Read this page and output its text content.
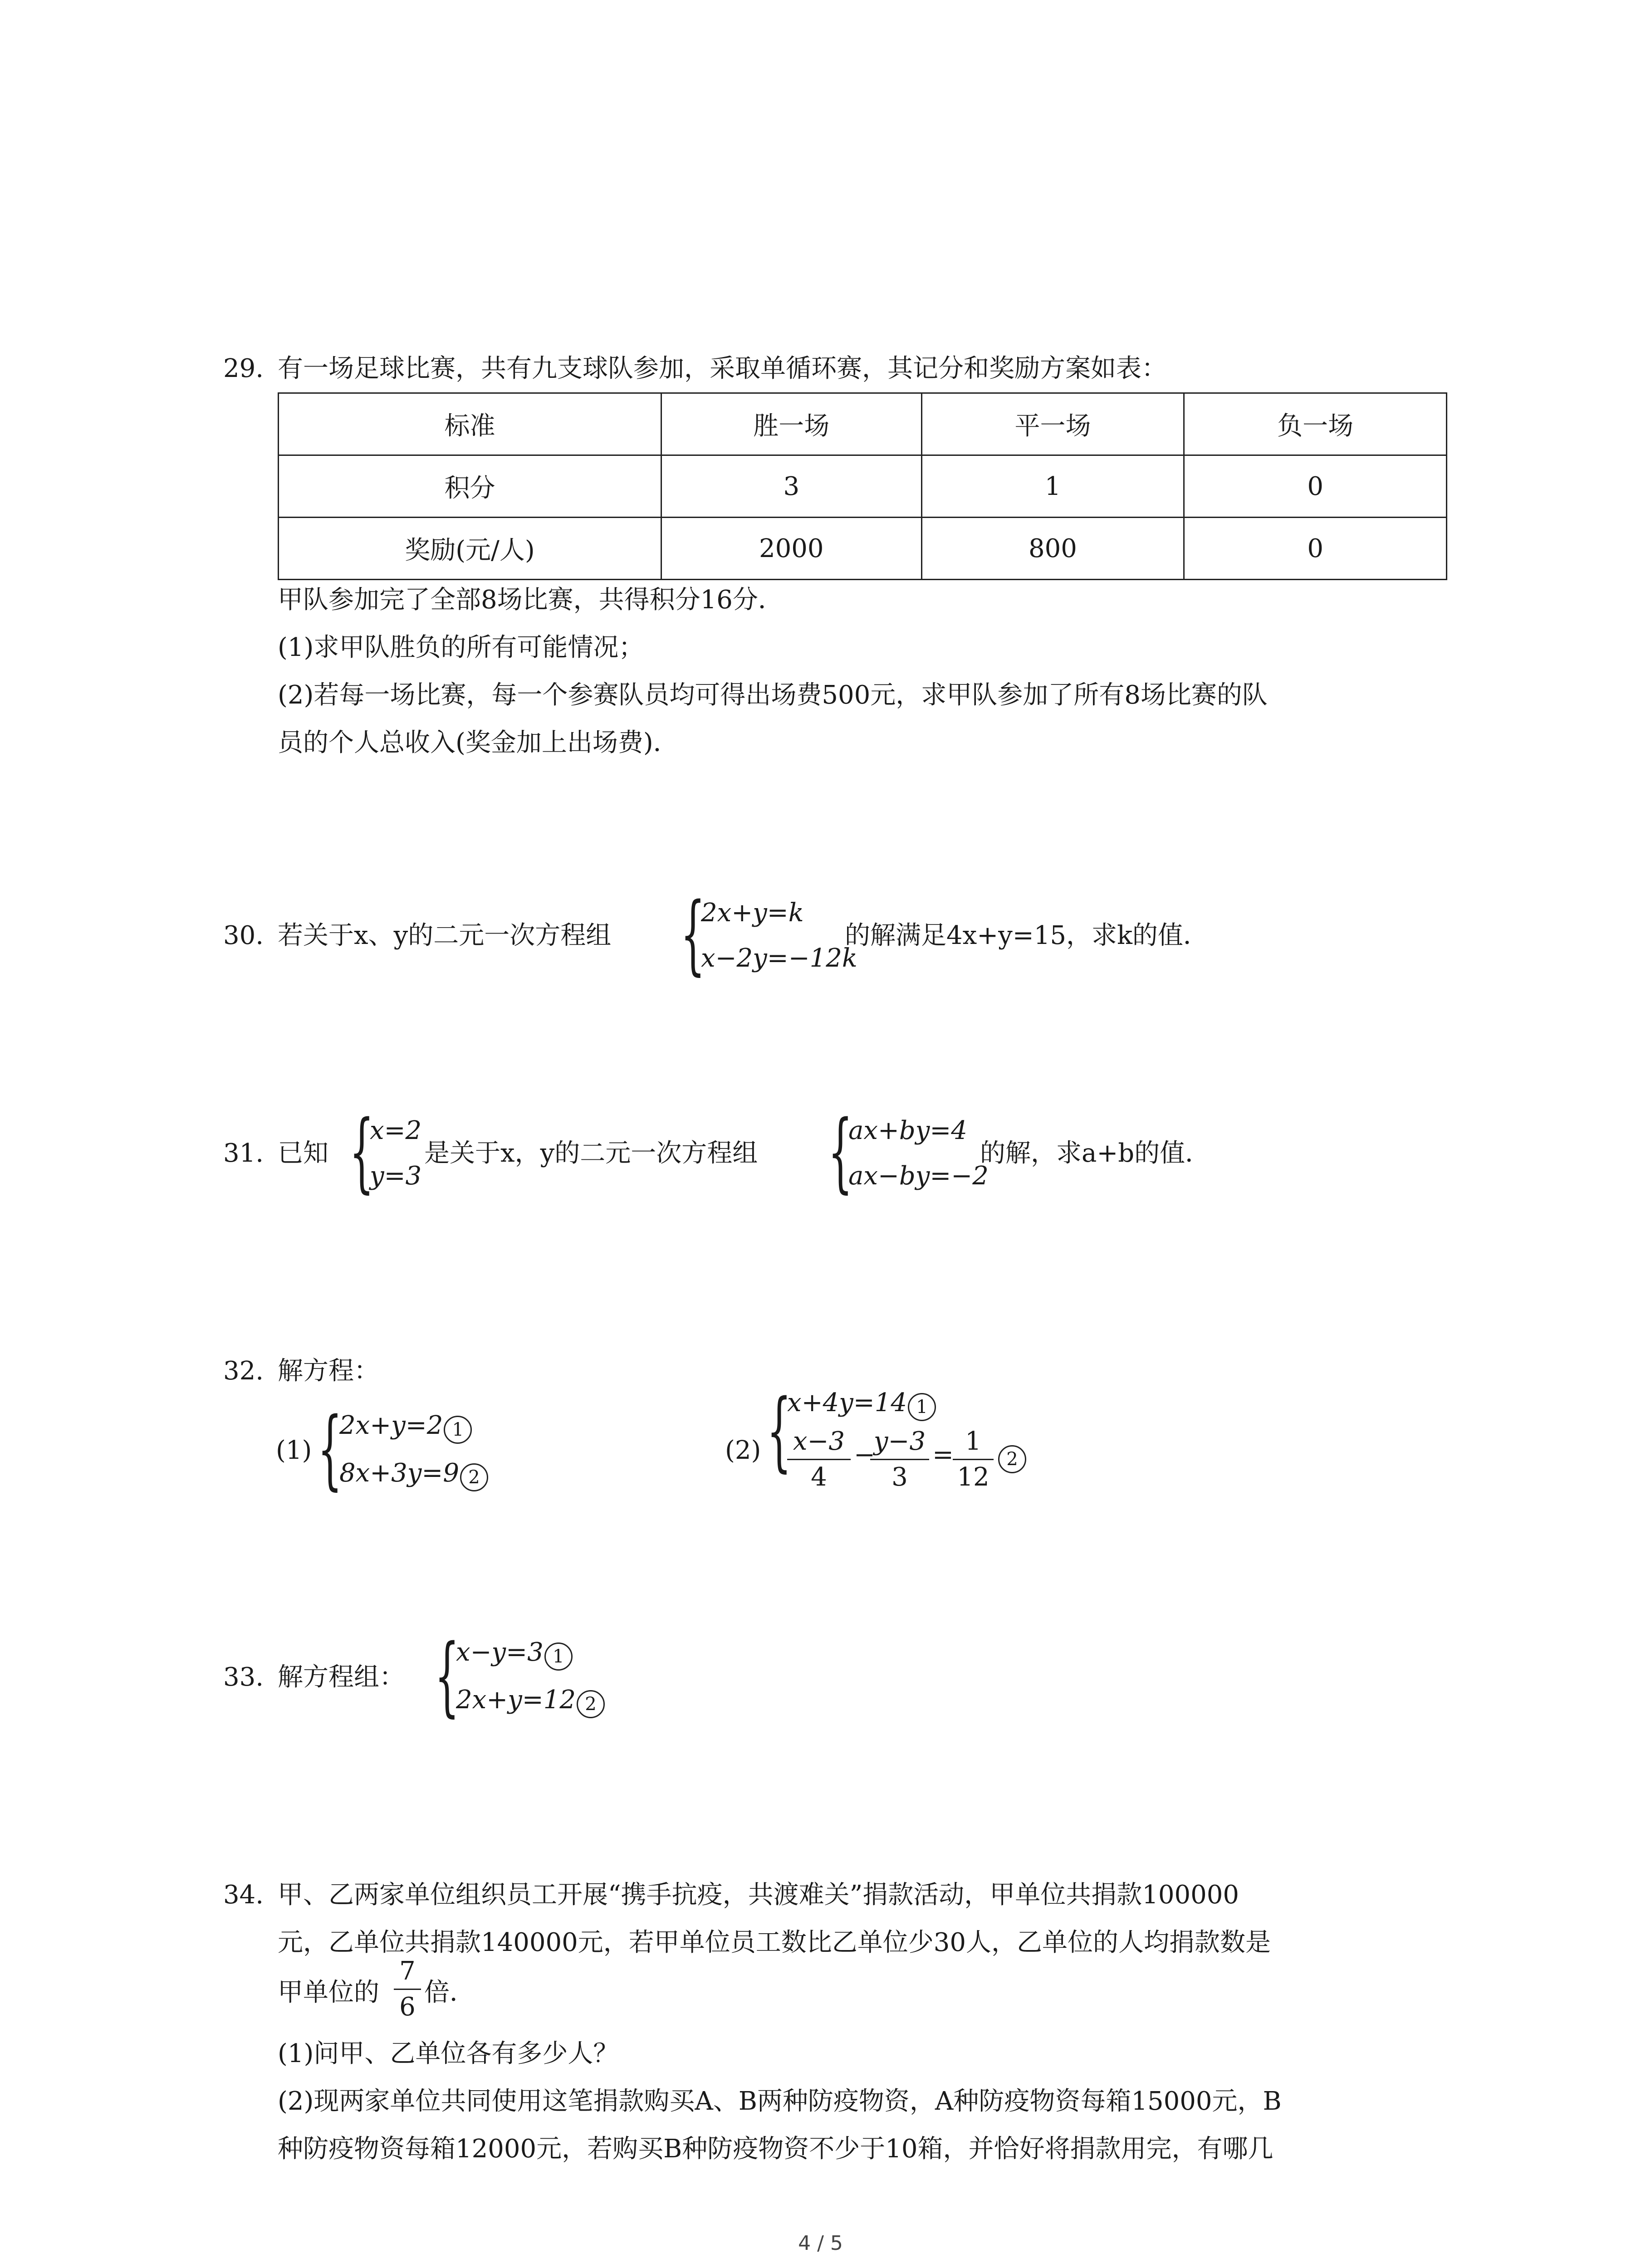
29. 有一场足球比赛，共有九支球队参加，采取单循环赛，其记分和奖励方案如表：
标准	胜一场	平一场	负一场
积分	3	1	0
奖励(元/人)	2000	800	0
甲队参加完了全部8场比赛，共得积分16分．
(1)求甲队胜负的所有可能情况；
(2)若每一场比赛，每一个参赛队员均可得出场费500元，求甲队参加了所有8场比赛的队
员的个人总收入(奖金加上出场费)．
30. 若关于x、y的二元一次方程组 {
2x+y=k
x−2y=−12k
的解满足4x+y=15，求k的值．
31. 已知 {
x=2
y=3
是关于x，y的二元一次方程组 {
ax+by=4
ax−by=−2
的解，求a+b的值．
32. 解方程：
(1) {
2x+y=2 1
8x+3y=9 2
(2) {
x+4y=14 1
x−3
4
−
y−3
3
= 1
12
2
33. 解方程组： {
x−y=3 1
2x+y=12 2
34. 甲、乙两家单位组织员工开展“携手抗疫，共渡难关”捐款活动，甲单位共捐款100000
元，乙单位共捐款140000元，若甲单位员工数比乙单位少30人，乙单位的人均捐款数是
甲单位的
7
6 倍．
(1)问甲、乙单位各有多少人？
(2)现两家单位共同使用这笔捐款购买A、B两种防疫物资，A种防疫物资每箱15000元，B
种防疫物资每箱12000元，若购买B种防疫物资不少于10箱，并恰好将捐款用完，有哪几
4 / 5
